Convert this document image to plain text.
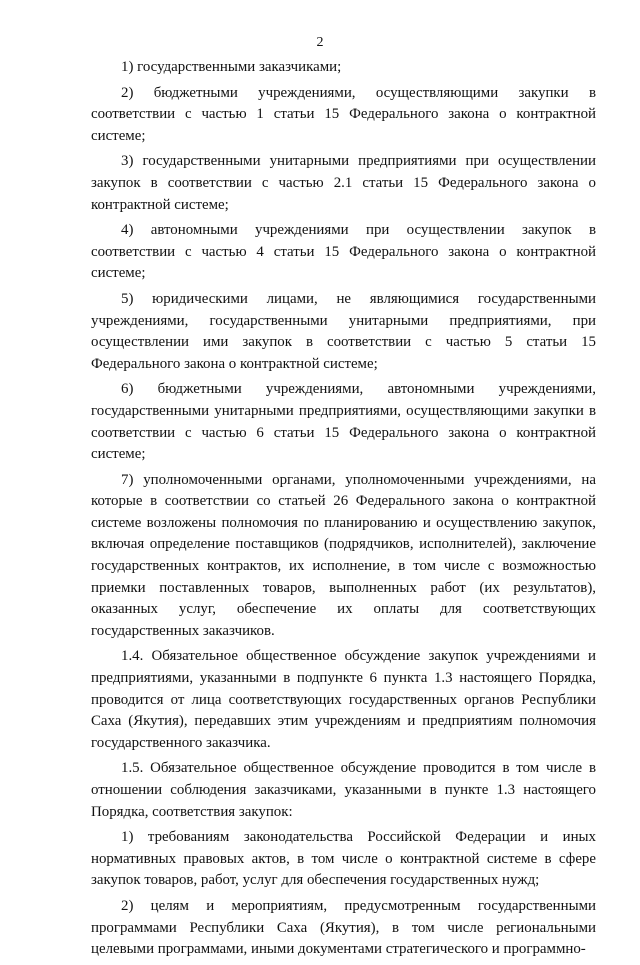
2

1) государственными заказчиками;

2) бюджетными учреждениями, осуществляющими закупки в соответствии с частью 1 статьи 15 Федерального закона о контрактной системе;

3) государственными унитарными предприятиями при осуществлении закупок в соответствии с частью 2.1 статьи 15 Федерального закона о контрактной системе;

4) автономными учреждениями при осуществлении закупок в соответствии с частью 4 статьи 15 Федерального закона о контрактной системе;

5) юридическими лицами, не являющимися государственными учреждениями, государственными унитарными предприятиями, при осуществлении ими закупок в соответствии с частью 5 статьи 15 Федерального закона о контрактной системе;

6) бюджетными учреждениями, автономными учреждениями, государственными унитарными предприятиями, осуществляющими закупки в соответствии с частью 6 статьи 15 Федерального закона о контрактной системе;

7) уполномоченными органами, уполномоченными учреждениями, на которые в соответствии со статьей 26 Федерального закона о контрактной системе возложены полномочия по планированию и осуществлению закупок, включая определение поставщиков (подрядчиков, исполнителей), заключение государственных контрактов, их исполнение, в том числе с возможностью приемки поставленных товаров, выполненных работ (их результатов), оказанных услуг, обеспечение их оплаты для соответствующих государственных заказчиков.

1.4. Обязательное общественное обсуждение закупок учреждениями и предприятиями, указанными в подпункте 6 пункта 1.3 настоящего Порядка, проводится от лица соответствующих государственных органов Республики Саха (Якутия), передавших этим учреждениям и предприятиям полномочия государственного заказчика.

1.5. Обязательное общественное обсуждение проводится в том числе в отношении соблюдения заказчиками, указанными в пункте 1.3 настоящего Порядка, соответствия закупок:

1) требованиям законодательства Российской Федерации и иных нормативных правовых актов, в том числе о контрактной системе в сфере закупок товаров, работ, услуг для обеспечения государственных нужд;

2) целям и мероприятиям, предусмотренным государственными программами Республики Саха (Якутия), в том числе региональными целевыми программами, иными документами стратегического и программно-
